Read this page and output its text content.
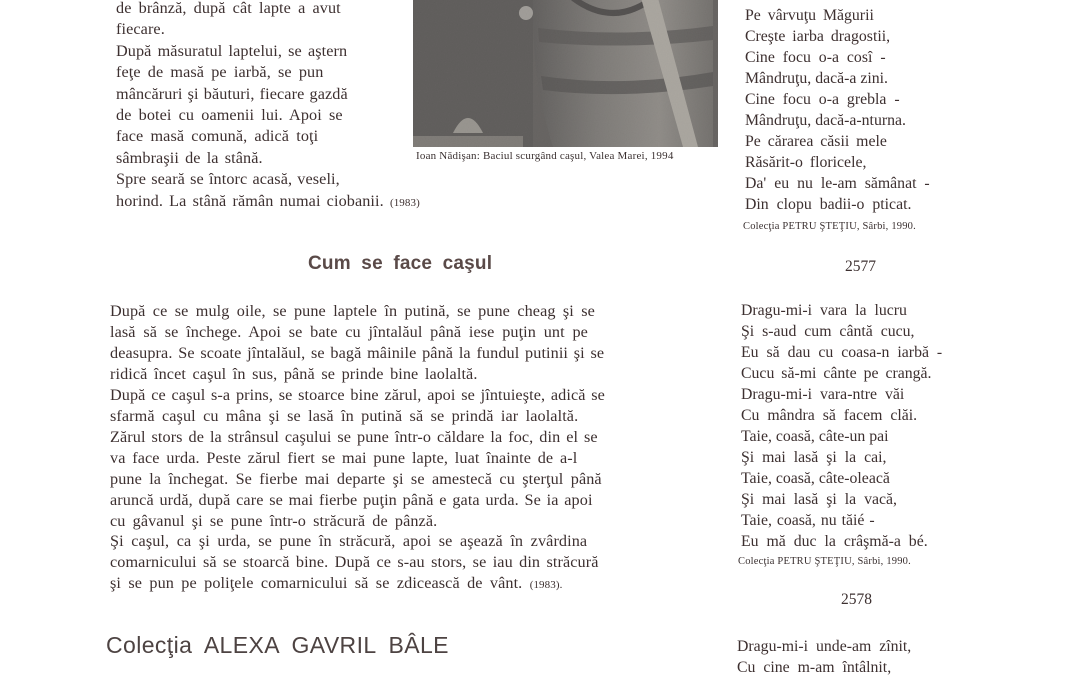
de brânză, după cât lapte a avut
fiecare.
După măsuratul laptelui, se aştern
feţe de masă pe iarbă, se pun
mâncăruri şi băuturi, fiecare gazdă
de botei cu oamenii lui. Apoi se
face masă comună, adică toţi
sâmbraşii de la stână.
Spre seară se întorc acasă, veseli,
horind. La stână rămân numai ciobanii. (1983)
Ioan Nădişan: Baciul scurgând caşul, Valea Marei, 1994
Cum se face caşul
După ce se mulg oile, se pune laptele în putină, se pune cheag şi se
lasă să se închege. Apoi se bate cu jîntalăul până iese puţin unt pe
deasupra. Se scoate jîntalăul, se bagă mâinile până la fundul putinii şi se
ridică încet caşul în sus, până se prinde bine laolaltă.
După ce caşul s-a prins, se stoarce bine zărul, apoi se jîntuieşte, adică se
sfarmă caşul cu mâna şi se lasă în putină să se prindă iar laolaltă.
Zărul stors de la strânsul caşului se pune într-o căldare la foc, din el se
va face urda. Peste zărul fiert se mai pune lapte, luat înainte de a-l
pune la închegat. Se fierbe mai departe şi se amestecă cu şterţul până
aruncă urdă, după care se mai fierbe puţin până e gata urda. Se ia apoi
cu gâvanul şi se pune într-o străcură de pânză.
Şi caşul, ca şi urda, se pune în străcură, apoi se aşează în zvârdina
comarnicului să se stoarcă bine. După ce s-au stors, se iau din străcură
şi se pun pe poliţele comarnicului să se zdicească de vânt. (1983).
Colecţia ALEXA GAVRIL BÂLE
Pe vârvuţu Măgurii
Creşte iarba dragostii,
Cine focu o-a cosî -
Mândruţu, dacă-a zini.
Cine focu o-a grebla -
Mândruţu, dacă-a-nturna.
Pe cărarea căsii mele
Răsărit-o floricele,
Da' eu nu le-am sămânat -
Din clopu badii-o pticat.
Colecţia PETRU ŞTEŢIU, Sârbi, 1990.
2577
Dragu-mi-i vara la lucru
Şi s-aud cum cântă cucu,
Eu să dau cu coasa-n iarbă -
Cucu să-mi cânte pe crangă.
Dragu-mi-i vara-ntre văi
Cu mândra să facem clăi.
Taie, coasă, câte-un pai
Şi mai lasă şi la cai,
Taie, coasă, câte-oleacă
Şi mai lasă şi la vacă,
Taie, coasă, nu tăié -
Eu mă duc la crâşmă-a bé.
Colecţia PETRU ŞTEŢIU, Sârbi, 1990.
2578
Dragu-mi-i unde-am zînit,
Cu cine m-am întâlnit,
